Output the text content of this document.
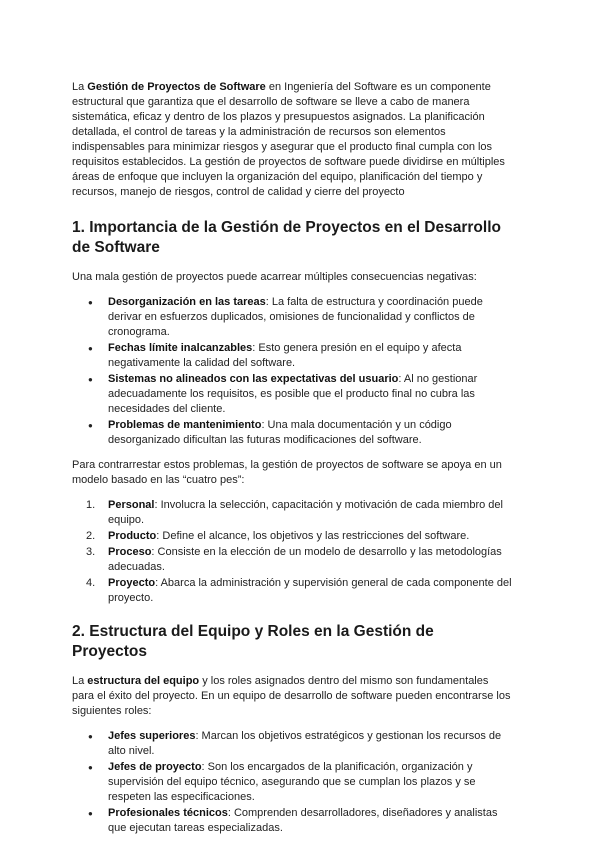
La Gestión de Proyectos de Software en Ingeniería del Software es un componente estructural que garantiza que el desarrollo de software se lleve a cabo de manera sistemática, eficaz y dentro de los plazos y presupuestos asignados. La planificación detallada, el control de tareas y la administración de recursos son elementos indispensables para minimizar riesgos y asegurar que el producto final cumpla con los requisitos establecidos. La gestión de proyectos de software puede dividirse en múltiples áreas de enfoque que incluyen la organización del equipo, planificación del tiempo y recursos, manejo de riesgos, control de calidad y cierre del proyecto

1. Importancia de la Gestión de Proyectos en el Desarrollo de Software

Una mala gestión de proyectos puede acarrear múltiples consecuencias negativas:

● Desorganización en las tareas: La falta de estructura y coordinación puede derivar en esfuerzos duplicados, omisiones de funcionalidad y conflictos de cronograma.
● Fechas límite inalcanzables: Esto genera presión en el equipo y afecta negativamente la calidad del software.
● Sistemas no alineados con las expectativas del usuario: Al no gestionar adecuadamente los requisitos, es posible que el producto final no cubra las necesidades del cliente.
● Problemas de mantenimiento: Una mala documentación y un código desorganizado dificultan las futuras modificaciones del software.

Para contrarrestar estos problemas, la gestión de proyectos de software se apoya en un modelo basado en las “cuatro pes”:

1. Personal: Involucra la selección, capacitación y motivación de cada miembro del equipo.
2. Producto: Define el alcance, los objetivos y las restricciones del software.
3. Proceso: Consiste en la elección de un modelo de desarrollo y las metodologías adecuadas.
4. Proyecto: Abarca la administración y supervisión general de cada componente del proyecto.
2. Estructura del Equipo y Roles en la Gestión de Proyectos

La estructura del equipo y los roles asignados dentro del mismo son fundamentales para el éxito del proyecto. En un equipo de desarrollo de software pueden encontrarse los siguientes roles:

● Jefes superiores: Marcan los objetivos estratégicos y gestionan los recursos de alto nivel.
● Jefes de proyecto: Son los encargados de la planificación, organización y supervisión del equipo técnico, asegurando que se cumplan los plazos y se respeten las especificaciones.
● Profesionales técnicos: Comprenden desarrolladores, diseñadores y analistas que ejecutan tareas especializadas.
